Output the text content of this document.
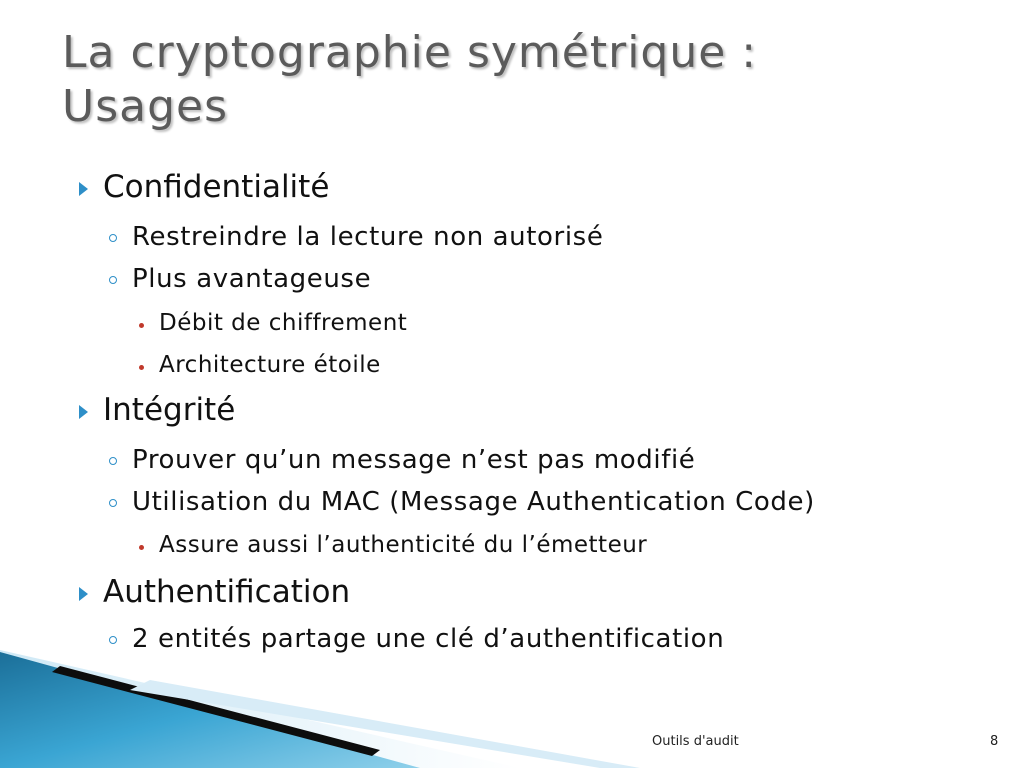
La cryptographie symétrique :
Usages
Confidentialité
Restreindre la lecture non autorisé
Plus avantageuse
Débit de chiffrement
Architecture étoile
Intégrité
Prouver qu’un message n’est pas modifié
Utilisation du MAC (Message Authentication Code)
Assure aussi l’authenticité du l’émetteur
Authentification
2 entités partage une clé d’authentification
Outils d'audit	8
